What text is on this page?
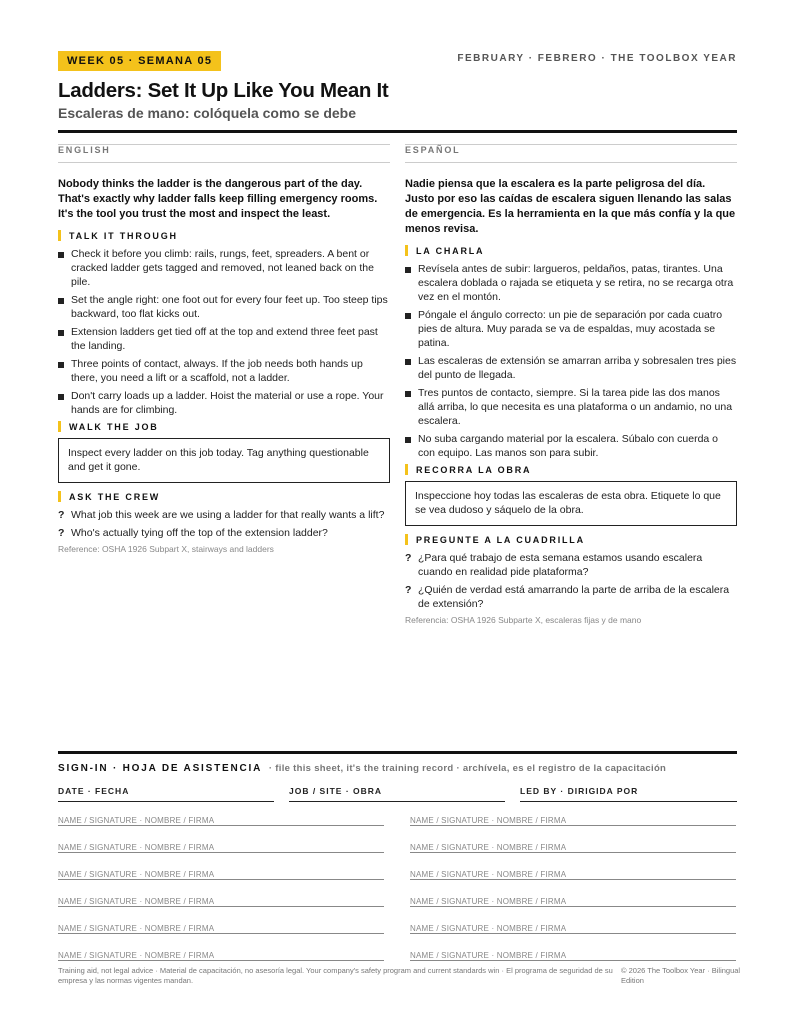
WEEK 05 · SEMANA 05	FEBRUARY · FEBRERO · THE TOOLBOX YEAR
Ladders: Set It Up Like You Mean It
Escaleras de mano: colóquela como se debe
ENGLISH

Nobody thinks the ladder is the dangerous part of the day. That's exactly why ladder falls keep filling emergency rooms. It's the tool you trust the most and inspect the least.

TALK IT THROUGH
Check it before you climb: rails, rungs, feet, spreaders. A bent or cracked ladder gets tagged and removed, not leaned back on the pile.
Set the angle right: one foot out for every four feet up. Too steep tips backward, too flat kicks out.
Extension ladders get tied off at the top and extend three feet past the landing.
Three points of contact, always. If the job needs both hands up there, you need a lift or a scaffold, not a ladder.
Don't carry loads up a ladder. Hoist the material or use a rope. Your hands are for climbing.
WALK THE JOB
Inspect every ladder on this job today. Tag anything questionable and get it gone.
ASK THE CREW
? What job this week are we using a ladder for that really wants a lift?
? Who's actually tying off the top of the extension ladder?

Reference: OSHA 1926 Subpart X, stairways and ladders

ESPAÑOL

Nadie piensa que la escalera es la parte peligrosa del día. Justo por eso las caídas de escalera siguen llenando las salas de emergencia. Es la herramienta en la que más confía y la que menos revisa.

LA CHARLA
Revísela antes de subir: largueros, peldaños, patas, tirantes. Una escalera doblada o rajada se etiqueta y se retira, no se recarga otra vez en el montón.
Póngale el ángulo correcto: un pie de separación por cada cuatro pies de altura. Muy parada se va de espaldas, muy acostada se patina.
Las escaleras de extensión se amarran arriba y sobresalen tres pies del punto de llegada.
Tres puntos de contacto, siempre. Si la tarea pide las dos manos allá arriba, lo que necesita es una plataforma o un andamio, no una escalera.
No suba cargando material por la escalera. Súbalo con cuerda o con equipo. Las manos son para subir.
RECORRA LA OBRA
Inspeccione hoy todas las escaleras de esta obra. Etiquete lo que se vea dudoso y sáquelo de la obra.
PREGUNTE A LA CUADRILLA
? ¿Para qué trabajo de esta semana estamos usando escalera cuando en realidad pide plataforma?
? ¿Quién de verdad está amarrando la parte de arriba de la escalera de extensión?

Referencia: OSHA 1926 Subparte X, escaleras fijas y de mano

SIGN-IN · HOJA DE ASISTENCIA · file this sheet, it's the training record · archívela, es el registro de la capacitación
DATE · FECHA	JOB / SITE · OBRA	LED BY · DIRIGIDA POR
NAME / SIGNATURE · NOMBRE / FIRMA
NAME / SIGNATURE · NOMBRE / FIRMA
NAME / SIGNATURE · NOMBRE / FIRMA
NAME / SIGNATURE · NOMBRE / FIRMA
NAME / SIGNATURE · NOMBRE / FIRMA
NAME / SIGNATURE · NOMBRE / FIRMA
NAME / SIGNATURE · NOMBRE / FIRMA
NAME / SIGNATURE · NOMBRE / FIRMA
NAME / SIGNATURE · NOMBRE / FIRMA
NAME / SIGNATURE · NOMBRE / FIRMA
NAME / SIGNATURE · NOMBRE / FIRMA
NAME / SIGNATURE · NOMBRE / FIRMA
Training aid, not legal advice · Material de capacitación, no asesoría legal. Your company's safety program and current standards win · El programa de seguridad de su empresa y las normas vigentes mandan.
© 2026 The Toolbox Year · Bilingual Edition
